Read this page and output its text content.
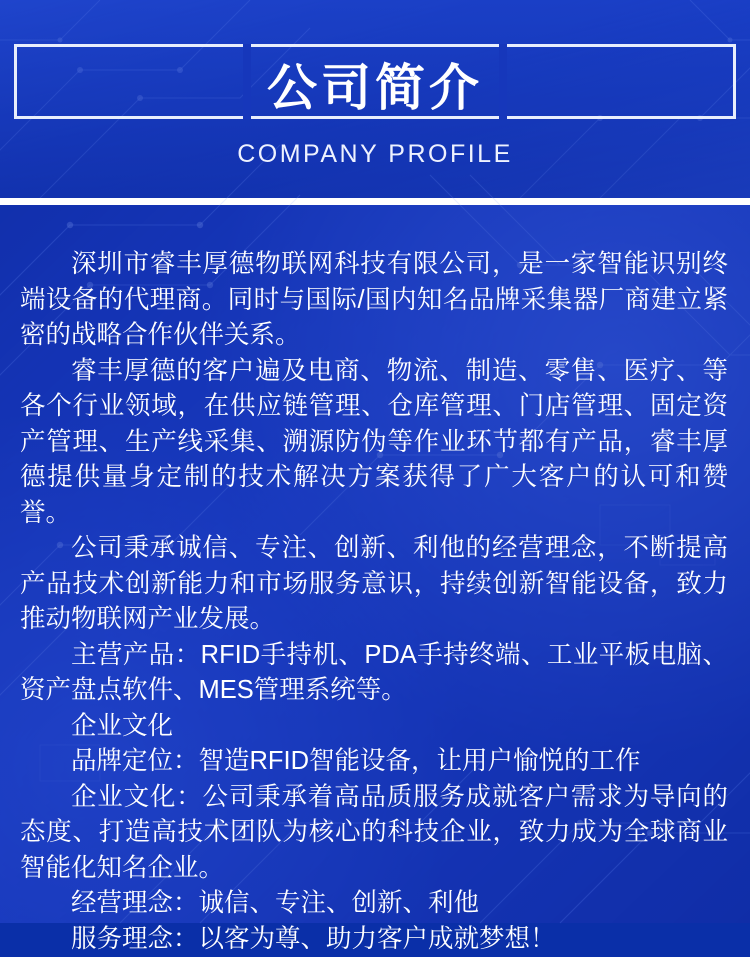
公司简介
COMPANY PROFILE

深圳市睿丰厚德物联网科技有限公司，是一家智能识别终端设备的代理商。同时与国际/国内知名品牌采集器厂商建立紧密的战略合作伙伴关系。

睿丰厚德的客户遍及电商、物流、制造、零售、医疗、等各个行业领域，在供应链管理、仓库管理、门店管理、固定资产管理、生产线采集、溯源防伪等作业环节都有产品，睿丰厚德提供量身定制的技术解决方案获得了广大客户的认可和赞誉。

公司秉承诚信、专注、创新、利他的经营理念，不断提高产品技术创新能力和市场服务意识，持续创新智能设备，致力推动物联网产业发展。

主营产品：RFID手持机、PDA手持终端、工业平板电脑、资产盘点软件、MES管理系统等。

企业文化

品牌定位：智造RFID智能设备，让用户愉悦的工作

企业文化：公司秉承着高品质服务成就客户需求为导向的态度、打造高技术团队为核心的科技企业，致力成为全球商业智能化知名企业。

经营理念：诚信、专注、创新、利他

服务理念：以客为尊、助力客户成就梦想！
